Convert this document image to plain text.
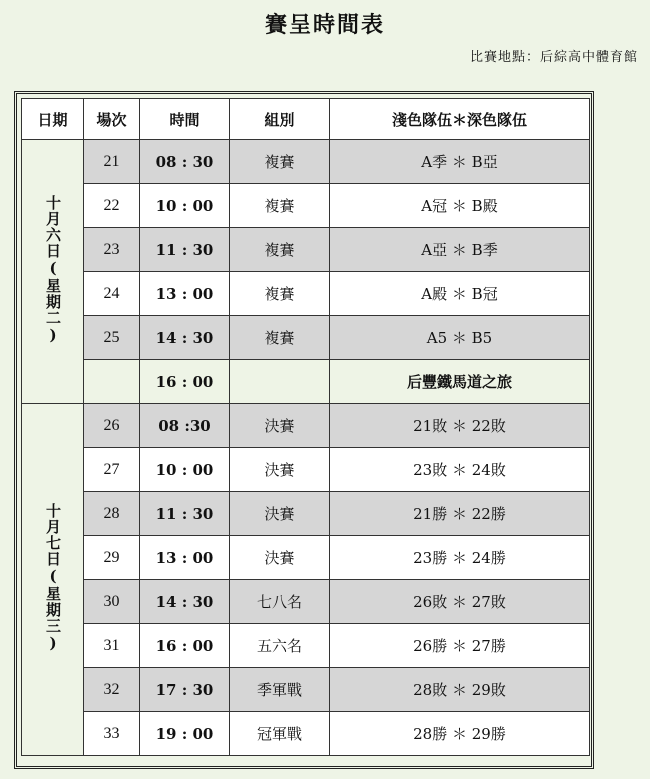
賽呈時間表
比賽地點：后綜高中體育館
日期	場次	時間	組別	淺色隊伍＊深色隊伍
十月六日(星期二)	21	08 : 30	複賽	A季 ＊ B亞
	22	10 : 00	複賽	A冠 ＊ B殿
	23	11 : 30	複賽	A亞 ＊ B季
	24	13 : 00	複賽	A殿 ＊ B冠
	25	14 : 30	複賽	A5 ＊ B5
		16 : 00		后豐鐵馬道之旅
十月七日(星期三)	26	08 :30	決賽	21敗 ＊ 22敗
	27	10 : 00	決賽	23敗 ＊ 24敗
	28	11 : 30	決賽	21勝 ＊ 22勝
	29	13 : 00	決賽	23勝 ＊ 24勝
	30	14 : 30	七八名	26敗 ＊ 27敗
	31	16 : 00	五六名	26勝 ＊ 27勝
	32	17 : 30	季軍戰	28敗 ＊ 29敗
	33	19 : 00	冠軍戰	28勝 ＊ 29勝
